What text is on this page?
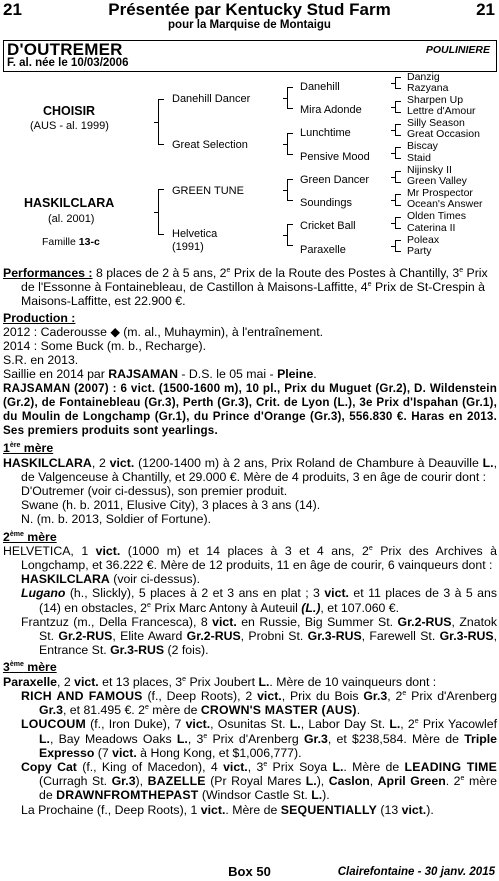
21	Présentée par Kentucky Stud Farm	21
pour la Marquise de Montaigu
D'OUTREMER
F. al. née le 10/03/2006
POULINIERE
CHOISIR
(AUS - al. 1999)
HASKILCLARA
(al. 2001)
Famille 13-c
Danehill Dancer
Great Selection
GREEN TUNE
Helvetica
(1991)
Danehill
Mira Adonde
Lunchtime
Pensive Mood
Green Dancer
Soundings
Cricket Ball
Paraxelle
Danzig
Razyana
Sharpen Up
Lettre d'Amour
Silly Season
Great Occasion
Biscay
Staid
Nijinsky II
Green Valley
Mr Prospector
Ocean's Answer
Olden Times
Caterina II
Poleax
Party

Performances : 8 places de 2 à 5 ans, 2e Prix de la Route des Postes à Chantilly, 3e Prix de l'Essonne à Fontainebleau, de Castillon à Maisons-Laffitte, 4e Prix de St-Crespin à Maisons-Laffitte, est 22.900 €.

Production :

2012 : Caderousse ◆ (m. al., Muhaymin), à l'entraînement.

2014 : Some Buck (m. b., Recharge).

S.R. en 2013.

Saillie en 2014 par RAJSAMAN - D.S. le 05 mai - Pleine.

RAJSAMAN (2007) : 6 vict. (1500-1600 m), 10 pl., Prix du Muguet (Gr.2), D. Wildenstein (Gr.2), de Fontainebleau (Gr.3), Perth (Gr.3), Crit. de Lyon (L.), 3e Prix d'Ispahan (Gr.1), du Moulin de Longchamp (Gr.1), du Prince d'Orange (Gr.3), 556.830 €. Haras en 2013. Ses premiers produits sont yearlings.

1ère mère

HASKILCLARA, 2 vict. (1200-1400 m) à 2 ans, Prix Roland de Chambure à Deauville L., de Valgenceuse à Chantilly, et 29.000 €. Mère de 4 produits, 3 en âge de courir dont :

D'Outremer (voir ci-dessus), son premier produit.

Swane (h. b. 2011, Elusive City), 3 places à 3 ans (14).

N. (m. b. 2013, Soldier of Fortune).

2ème mère

HELVETICA, 1 vict. (1000 m) et 14 places à 3 et 4 ans, 2e Prix des Archives à Longchamp, et 36.222 €. Mère de 12 produits, 11 en âge de courir, 6 vainqueurs dont :

HASKILCLARA (voir ci-dessus).

Lugano (h., Slickly), 5 places à 2 et 3 ans en plat ; 3 vict. et 11 places de 3 à 5 ans (14) en obstacles, 2e Prix Marc Antony à Auteuil (L.), et 107.060 €.

Frantzuz (m., Della Francesca), 8 vict. en Russie, Big Summer St. Gr.2-RUS, Znatok St. Gr.2-RUS, Elite Award Gr.2-RUS, Probni St. Gr.3-RUS, Farewell St. Gr.3-RUS, Entrance St. Gr.3-RUS (2 fois).

3ème mère

Paraxelle, 2 vict. et 13 places, 3e Prix Joubert L.. Mère de 10 vainqueurs dont :

RICH AND FAMOUS (f., Deep Roots), 2 vict., Prix du Bois Gr.3, 2e Prix d'Arenberg Gr.3, et 81.495 €. 2e mère de CROWN'S MASTER (AUS).

LOUCOUM (f., Iron Duke), 7 vict., Osunitas St. L., Labor Day St. L., 2e Prix Yacowlef L., Bay Meadows Oaks L., 3e Prix d'Arenberg Gr.3, et $238,584. Mère de Triple Expresso (7 vict. à Hong Kong, et $1,006,777).

Copy Cat (f., King of Macedon), 4 vict., 3e Prix Soya L.. Mère de LEADING TIME (Curragh St. Gr.3), BAZELLE (Pr Royal Mares L.), Caslon, April Green. 2e mère de DRAWNFROMTHEPAST (Windsor Castle St. L.).

La Prochaine (f., Deep Roots), 1 vict.. Mère de SEQUENTIALLY (13 vict.).

Box 50	Clairefontaine - 30 janv. 2015
